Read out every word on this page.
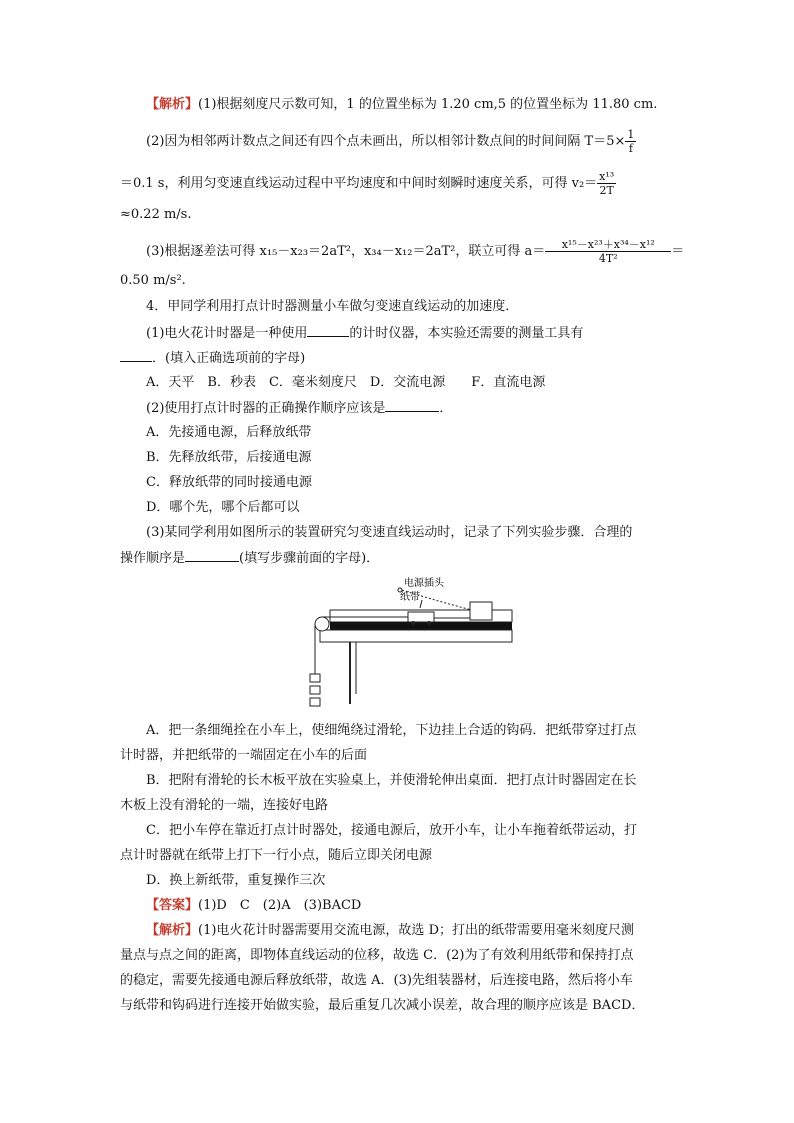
【解析】(1)根据刻度尺示数可知，1 的位置坐标为 1.20 cm,5 的位置坐标为 11.80 cm.
(2)因为相邻两计数点之间还有四个点未画出，所以相邻计数点间的时间间隔 $T=5\times \frac{1}{f}$
＝0.1 s，利用匀变速直线运动过程中平均速度和中间时刻瞬时速度关系，可得 $v_2= \frac{\text{x¹³}}{2T}$
≈0.22 m/s.
(3)根据逐差法可得 x₁₅－x₂₃＝2aT²，x₃₄－x₁₂＝2aT²，联立可得 $a= \frac{\text{x¹⁵－x²³＋x³⁴－x¹²}}{\text{4T²}}$ ＝
0.50 m/s².
4．甲同学利用打点计时器测量小车做匀变速直线运动的加速度．
(1)电火花计时器是一种使用	的计时仪器，本实验还需要的测量工具有
．(填入正确选项前的字母)
A．天平　B．秒表　C．毫米刻度尺　D．交流电源　　F．直流电源
(2)使用打点计时器的正确操作顺序应该是	．
A．先接通电源，后释放纸带
B．先释放纸带，后接通电源
C．释放纸带的同时接通电源
D．哪个先，哪个后都可以
(3)某同学利用如图所示的装置研究匀变速直线运动时，记录了下列实验步骤．合理的
操作顺序是	(填写步骤前面的字母)．
电源插头
纸带
A．把一条细绳拴在小车上，使细绳绕过滑轮，下边挂上合适的钩码．把纸带穿过打点
计时器，并把纸带的一端固定在小车的后面
B．把附有滑轮的长木板平放在实验桌上，并使滑轮伸出桌面．把打点计时器固定在长
木板上没有滑轮的一端，连接好电路
C．把小车停在靠近打点计时器处，接通电源后，放开小车，让小车拖着纸带运动，打
点计时器就在纸带上打下一行小点，随后立即关闭电源
D．换上新纸带，重复操作三次
【答案】(1)D　C　(2)A　(3)BACD
【解析】(1)电火花计时器需要用交流电源，故选 D；打出的纸带需要用毫米刻度尺测
量点与点之间的距离，即物体直线运动的位移，故选 C．(2)为了有效利用纸带和保持打点
的稳定，需要先接通电源后释放纸带，故选 A．(3)先组装器材，后连接电路，然后将小车
与纸带和钩码进行连接开始做实验，最后重复几次减小误差，故合理的顺序应该是 BACD．
